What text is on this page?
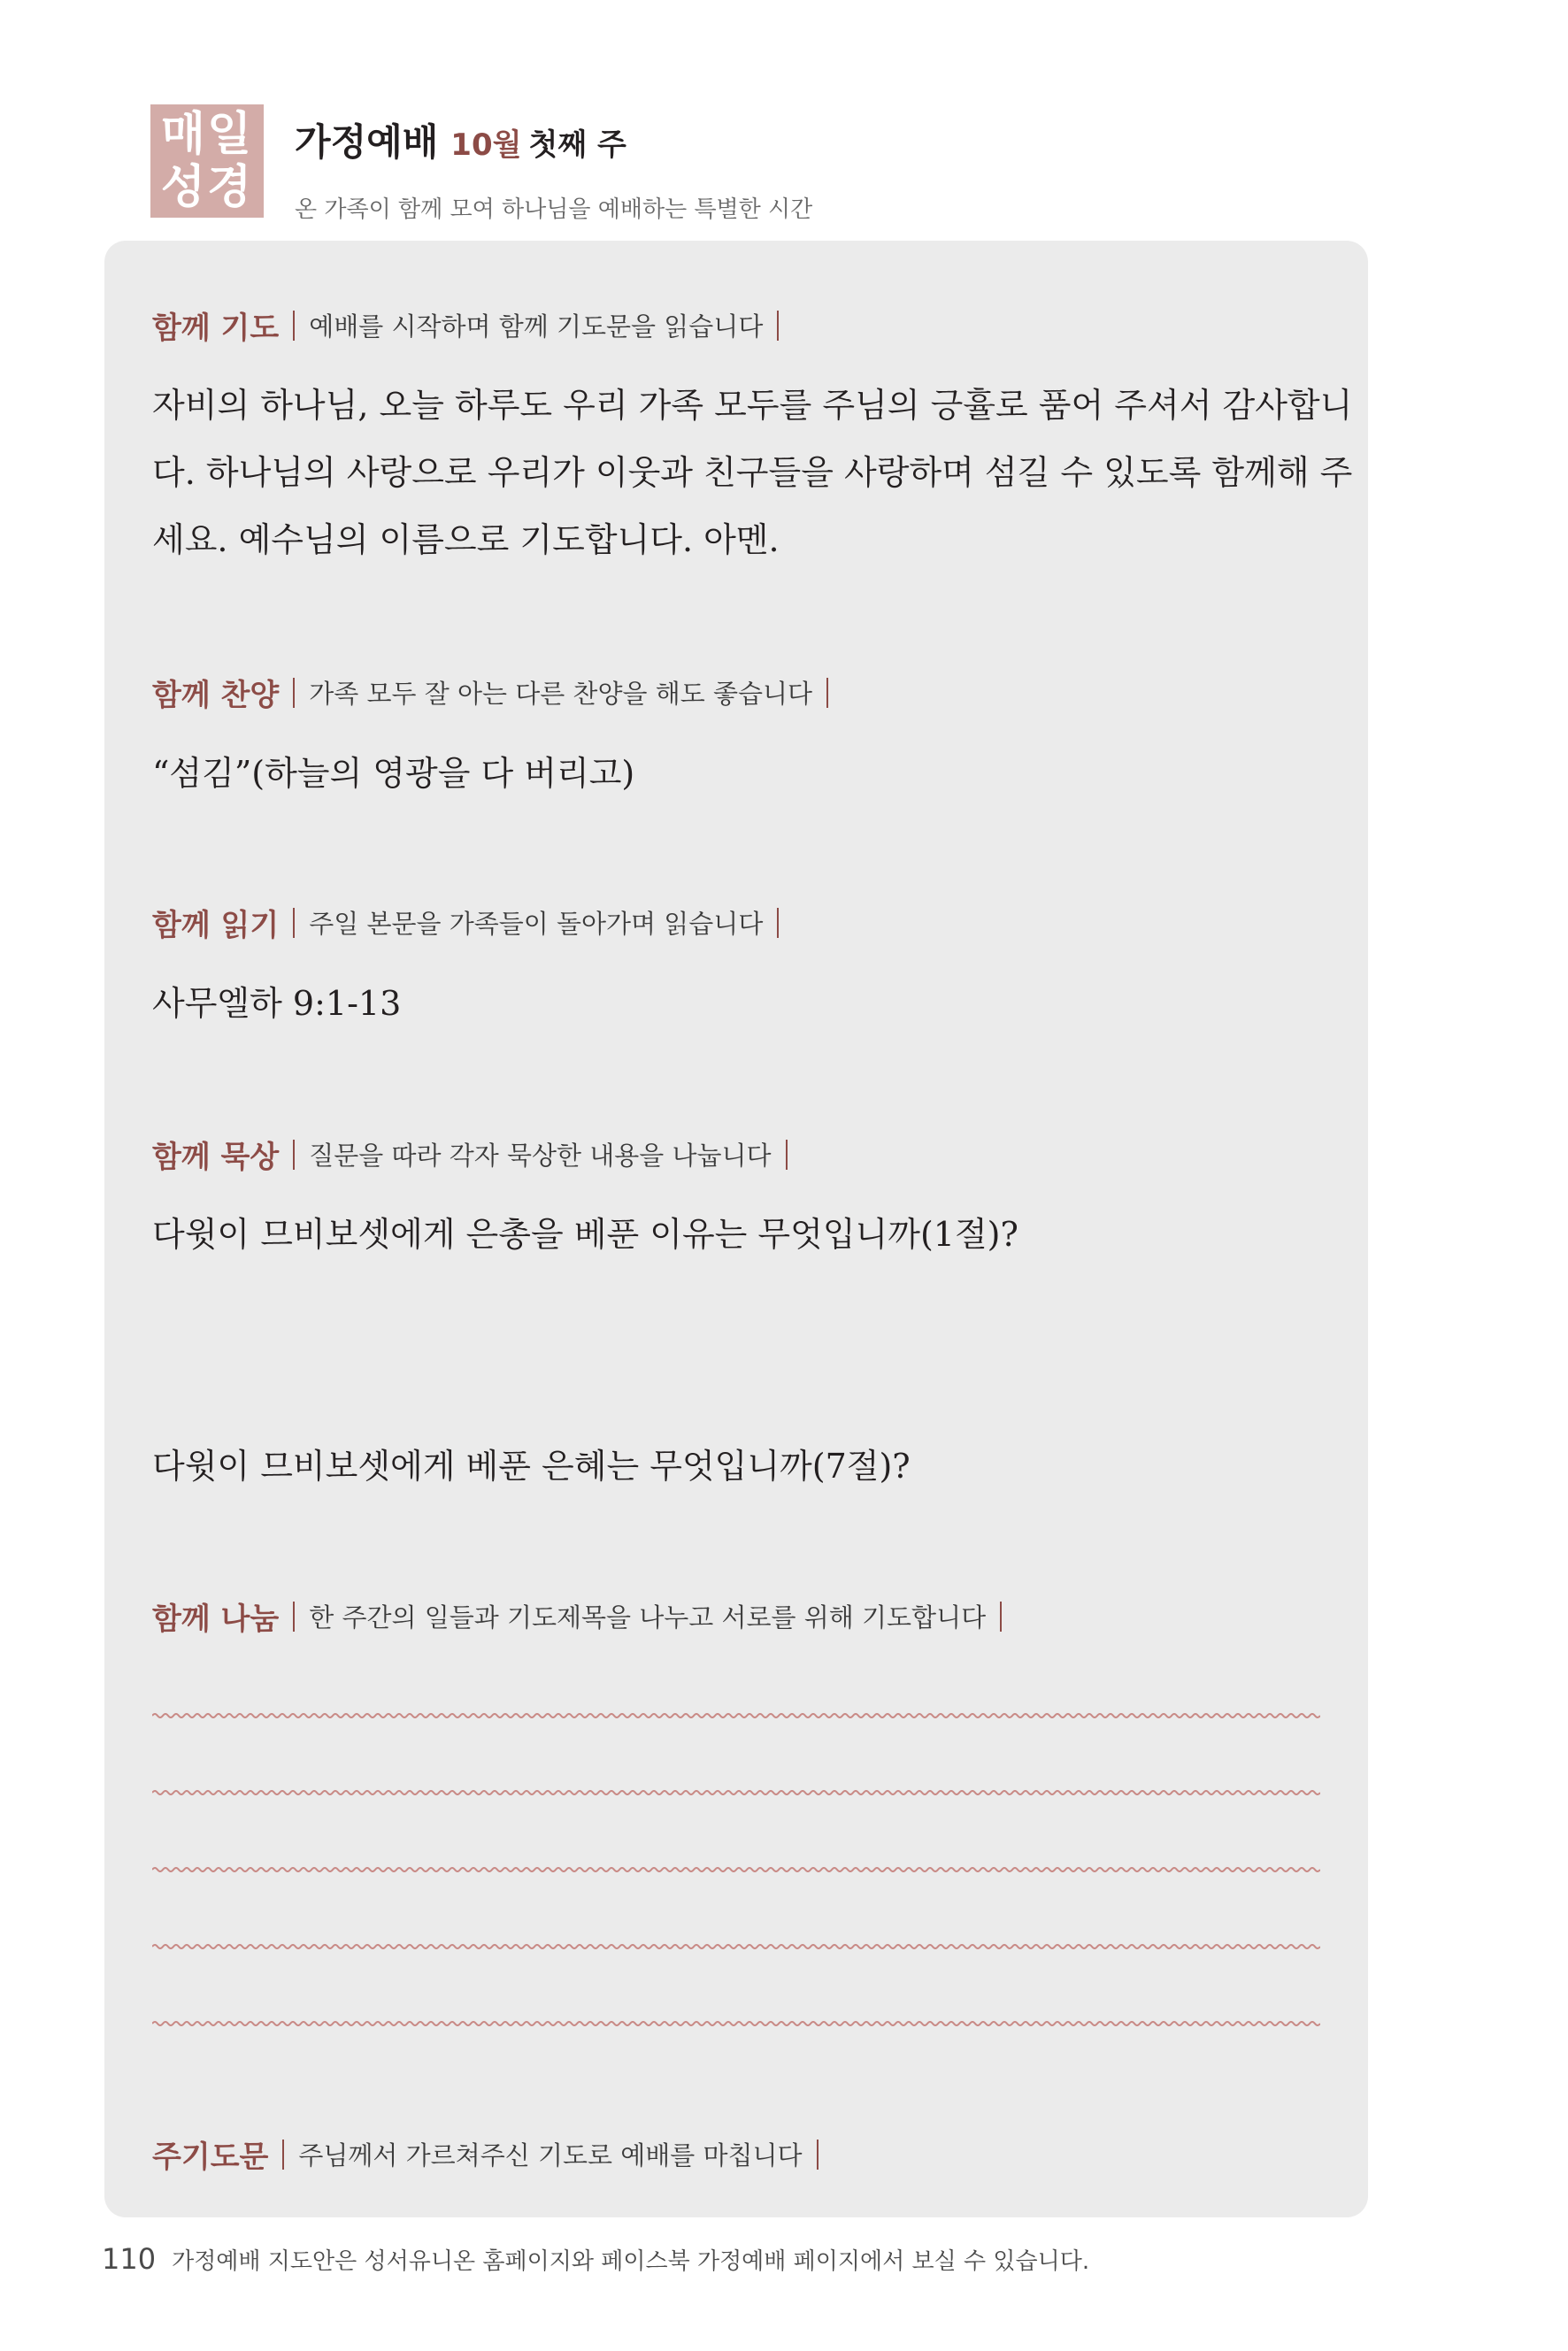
매일
성경
가정예배 10월 첫째 주
온 가족이 함께 모여 하나님을 예배하는 특별한 시간
함께 기도 예배를 시작하며 함께 기도문을 읽습니다
자비의 하나님, 오늘 하루도 우리 가족 모두를 주님의 긍휼로 품어 주셔서 감사합니
다. 하나님의 사랑으로 우리가 이웃과 친구들을 사랑하며 섬길 수 있도록 함께해 주
세요. 예수님의 이름으로 기도합니다. 아멘.
함께 찬양 가족 모두 잘 아는 다른 찬양을 해도 좋습니다
“섬김”(하늘의 영광을 다 버리고)
함께 읽기 주일 본문을 가족들이 돌아가며 읽습니다
사무엘하 9:1-13
함께 묵상 질문을 따라 각자 묵상한 내용을 나눕니다
다윗이 므비보셋에게 은총을 베푼 이유는 무엇입니까(1절)?
다윗이 므비보셋에게 베푼 은혜는 무엇입니까(7절)?
함께 나눔 한 주간의 일들과 기도제목을 나누고 서로를 위해 기도합니다
주기도문 주님께서 가르쳐주신 기도로 예배를 마칩니다
110 가정예배 지도안은 성서유니온 홈페이지와 페이스북 가정예배 페이지에서 보실 수 있습니다.
